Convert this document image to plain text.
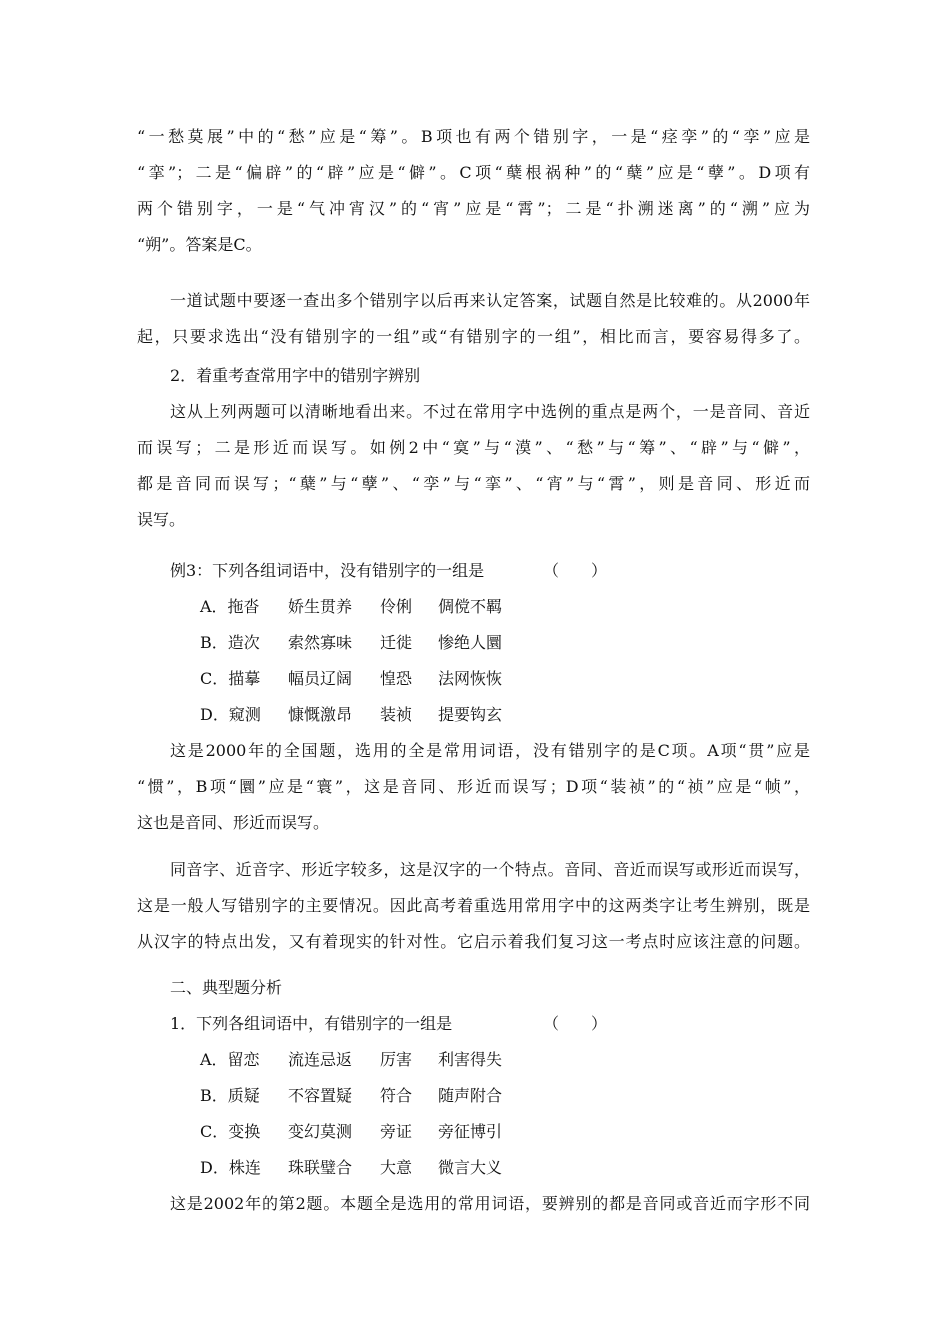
“一愁莫展”中的“愁”应是“筹”。B项也有两个错别字，一是“痉孪”的“孪”应是
“挛”；二是“偏辟”的“辟”应是“僻”。C项“蘖根祸种”的“蘖”应是“孽”。D项有
两个错别字，一是“气冲宵汉”的“宵”应是“霄”；二是“扑溯迷离”的“溯”应为
“朔”。答案是C。
一道试题中要逐一查出多个错别字以后再来认定答案，试题自然是比较难的。从2000年
起，只要求选出“没有错别字的一组”或“有错别字的一组”，相比而言，要容易得多了。
2．着重考查常用字中的错别字辨别
这从上列两题可以清晰地看出来。不过在常用字中选例的重点是两个，一是音同、音近
而误写；二是形近而误写。如例2中“寞”与“漠”、“愁”与“筹”、“辟”与“僻”，
都是音同而误写；“蘖”与“孽”、“孪”与“挛”、“宵”与“霄”，则是音同、形近而
误写。
例3：下列各组词语中，没有错别字的一组是	（　　）
A．拖沓 娇生贯养 伶俐 倜傥不羁
B．造次 索然寡味 迁徙 惨绝人圜
C．描摹 幅员辽阔 惶恐 法网恢恢
D．窥测 慷慨激昂 装祯 提要钩玄
这是2000年的全国题，选用的全是常用词语，没有错别字的是C项。A项“贯”应是
“惯”，B项“圜”应是“寰”，这是音同、形近而误写；D项“装祯”的“祯”应是“帧”，
这也是音同、形近而误写。
同音字、近音字、形近字较多，这是汉字的一个特点。音同、音近而误写或形近而误写，
这是一般人写错别字的主要情况。因此高考着重选用常用字中的这两类字让考生辨别，既是
从汉字的特点出发，又有着现实的针对性。它启示着我们复习这一考点时应该注意的问题。
二、典型题分析
1．下列各组词语中，有错别字的一组是	（　　）
A．留恋 流连忌返 厉害 利害得失
B．质疑 不容置疑 符合 随声附合
C．变换 变幻莫测 旁证 旁征博引
D．株连 珠联璧合 大意 微言大义
这是2002年的第2题。本题全是选用的常用词语，要辨别的都是音同或音近而字形不同
